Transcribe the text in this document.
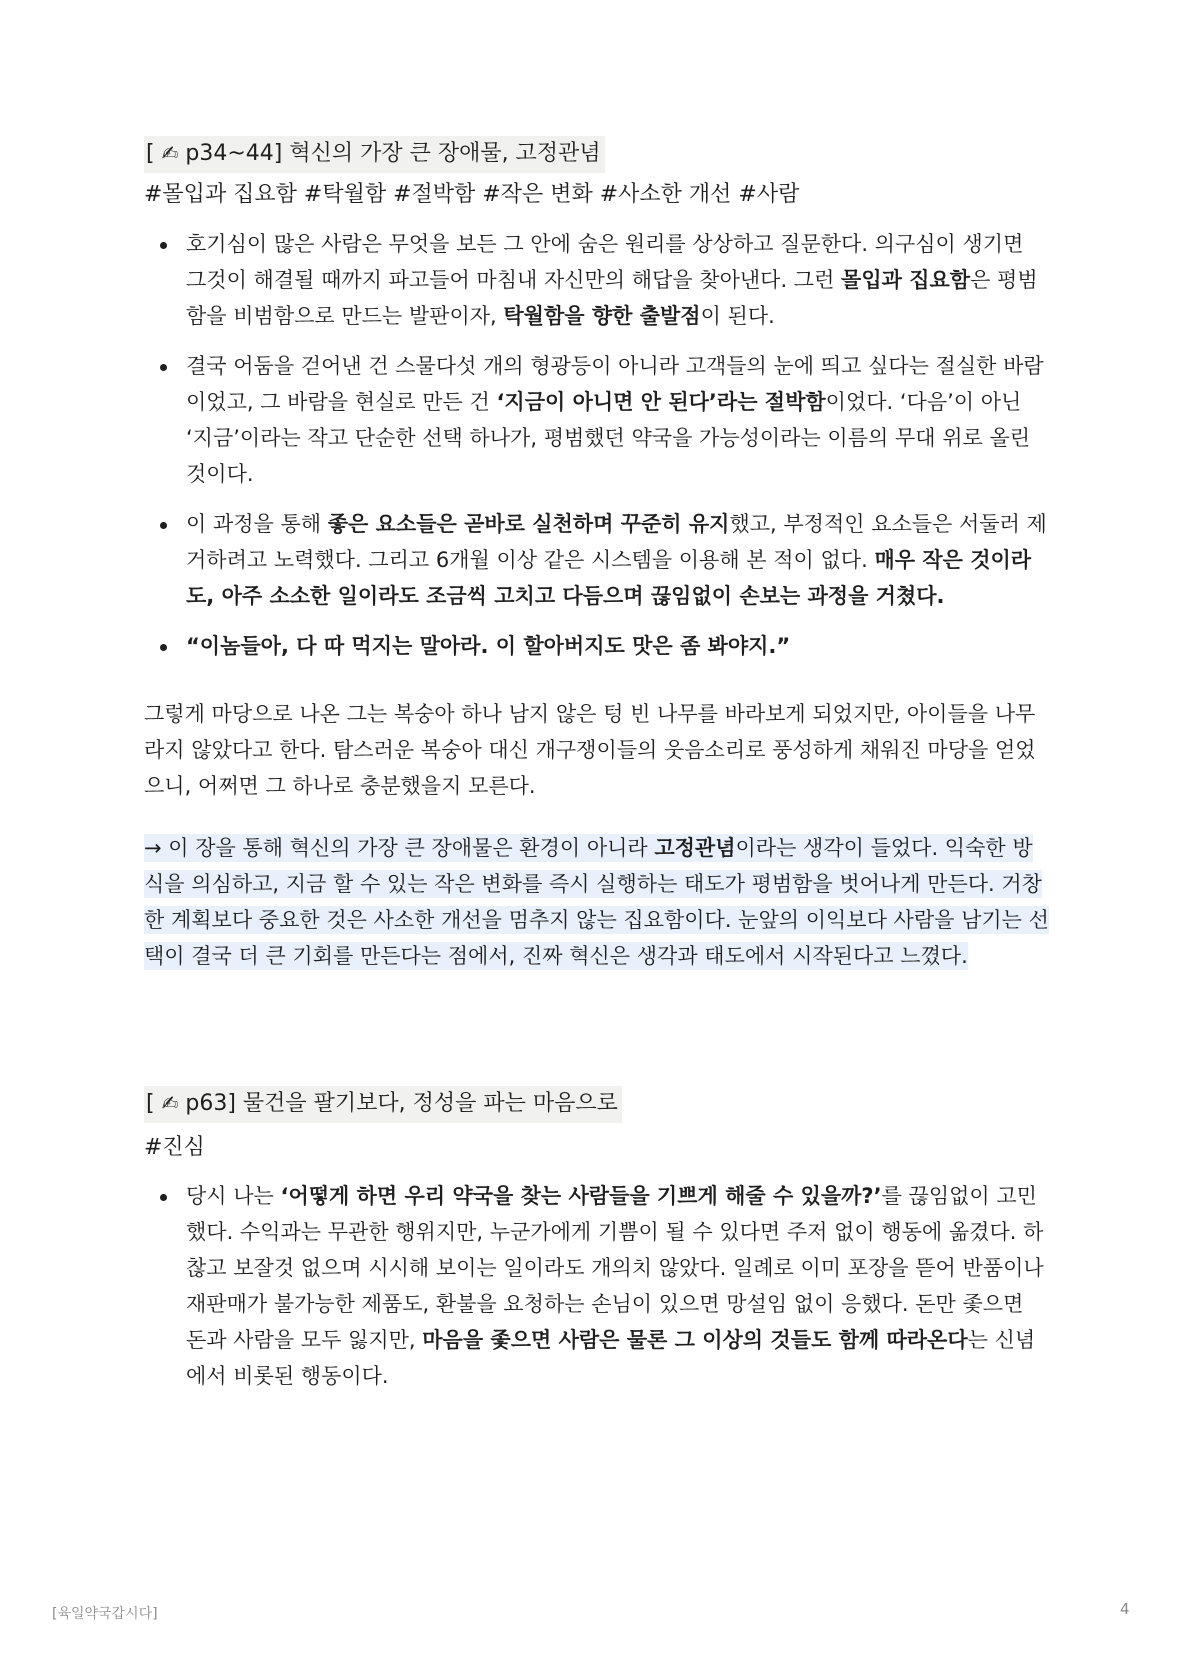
[ ✍ p34~44] 혁신의 가장 큰 장애물, 고정관념
#몰입과 집요함 #탁월함 #절박함 #작은 변화 #사소한 개선 #사람
호기심이 많은 사람은 무엇을 보든 그 안에 숨은 원리를 상상하고 질문한다. 의구심이 생기면 그것이 해결될 때까지 파고들어 마침내 자신만의 해답을 찾아낸다. 그런 몰입과 집요함은 평범함을 비범함으로 만드는 발판이자, 탁월함을 향한 출발점이 된다.
결국 어둠을 걷어낸 건 스물다섯 개의 형광등이 아니라 고객들의 눈에 띄고 싶다는 절실한 바람이었고, 그 바람을 현실로 만든 건 ‘지금이 아니면 안 된다’라는 절박함이었다. ‘다음’이 아닌 ‘지금’이라는 작고 단순한 선택 하나가, 평범했던 약국을 가능성이라는 이름의 무대 위로 올린 것이다.
이 과정을 통해 좋은 요소들은 곧바로 실천하며 꾸준히 유지했고, 부정적인 요소들은 서둘러 제거하려고 노력했다. 그리고 6개월 이상 같은 시스템을 이용해 본 적이 없다. 매우 작은 것이라도, 아주 소소한 일이라도 조금씩 고치고 다듬으며 끊임없이 손보는 과정을 거쳤다.
“이놈들아, 다 따 먹지는 말아라. 이 할아버지도 맛은 좀 봐야지.”

그렇게 마당으로 나온 그는 복숭아 하나 남지 않은 텅 빈 나무를 바라보게 되었지만, 아이들을 나무라지 않았다고 한다. 탐스러운 복숭아 대신 개구쟁이들의 웃음소리로 풍성하게 채워진 마당을 얻었으니, 어쩌면 그 하나로 충분했을지 모른다.

→ 이 장을 통해 혁신의 가장 큰 장애물은 환경이 아니라 고정관념이라는 생각이 들었다. 익숙한 방식을 의심하고, 지금 할 수 있는 작은 변화를 즉시 실행하는 태도가 평범함을 벗어나게 만든다. 거창한 계획보다 중요한 것은 사소한 개선을 멈추지 않는 집요함이다. 눈앞의 이익보다 사람을 남기는 선택이 결국 더 큰 기회를 만든다는 점에서, 진짜 혁신은 생각과 태도에서 시작된다고 느꼈다.

[ ✍ p63] 물건을 팔기보다, 정성을 파는 마음으로
#진심
당시 나는 ‘어떻게 하면 우리 약국을 찾는 사람들을 기쁘게 해줄 수 있을까?’를 끊임없이 고민했다. 수익과는 무관한 행위지만, 누군가에게 기쁨이 될 수 있다면 주저 없이 행동에 옮겼다. 하찮고 보잘것 없으며 시시해 보이는 일이라도 개의치 않았다. 일례로 이미 포장을 뜯어 반품이나 재판매가 불가능한 제품도, 환불을 요청하는 손님이 있으면 망설임 없이 응했다. 돈만 좇으면 돈과 사람을 모두 잃지만, 마음을 좇으면 사람은 물론 그 이상의 것들도 함께 따라온다는 신념에서 비롯된 행동이다.
[육일약국갑시다]	4
